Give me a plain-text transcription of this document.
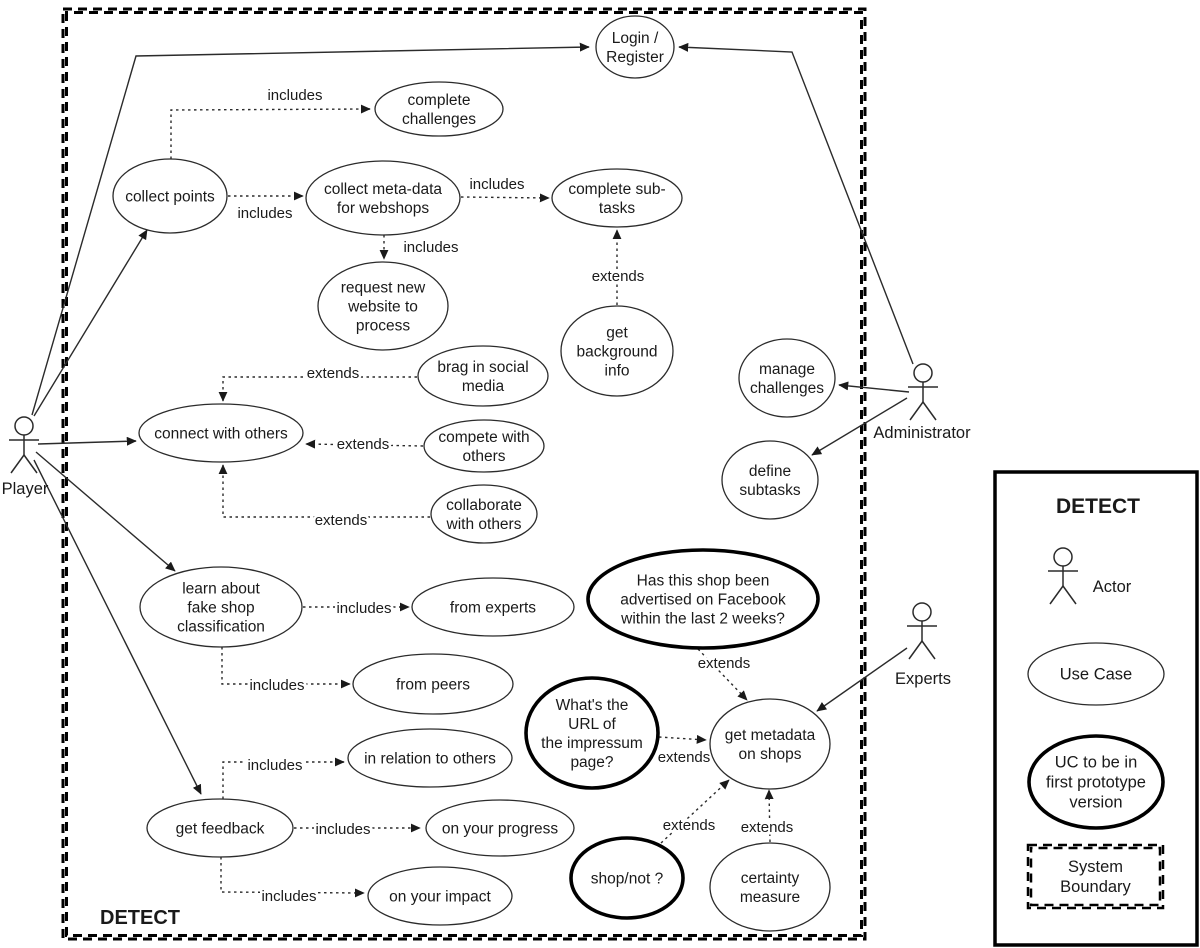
DETECT
includes
includes
includes
includes
extends
extends
extends
extends
includes
includes
includes
includes
includes
extends
extends
extends extends
Login / Register
complete challenges
collect points	collect meta-data for webshops
complete sub-tasks
request new website to process	get background info
brag in social media
manage challenges
connect with others	compete with others
collaborate with others
define subtasks
learn about fake shop classification
from experts
Has this shop been advertised on Facebook within the last 2 weeks?
from peers
What's the URL of the impressum page?
get metadata on shops
in relation to others
get feedback	on your progress
shop/not ?	certainty measure
on your impact
Player
Administrator
Experts
DETECT
Actor
Use Case
UC to be in first prototype version
System Boundary
